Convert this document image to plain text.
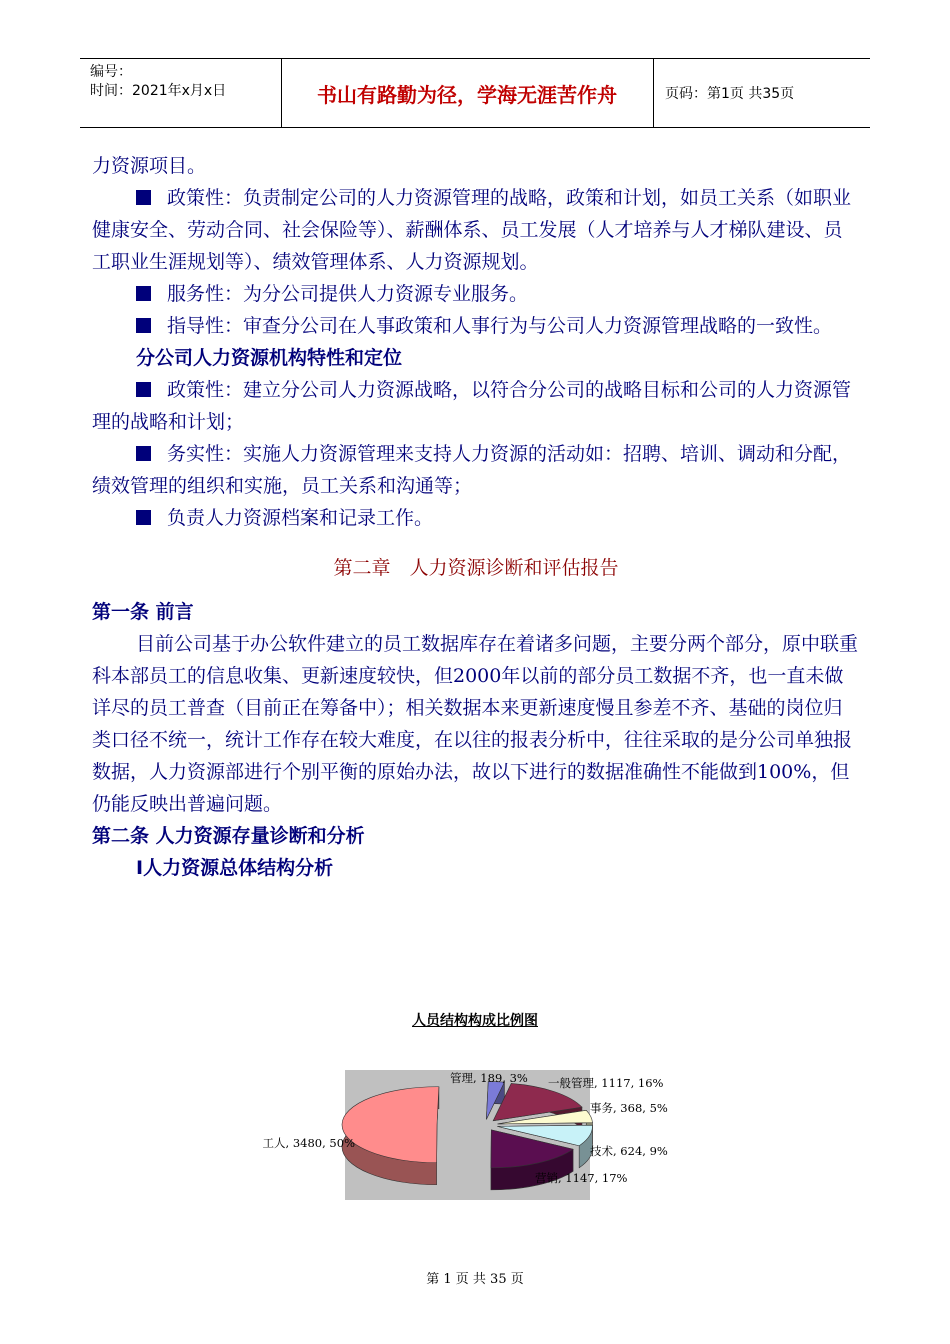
编号：
时间：2021年x月x日	书山有路勤为径，学海无涯苦作舟	页码：第1页 共35页

力资源项目。

政策性：负责制定公司的人力资源管理的战略，政策和计划，如员工关系（如职业健康安全、劳动合同、社会保险等）、薪酬体系、员工发展（人才培养与人才梯队建设、员工职业生涯规划等）、绩效管理体系、人力资源规划。

服务性：为分公司提供人力资源专业服务。

指导性：审查分公司在人事政策和人事行为与公司人力资源管理战略的一致性。

分公司人力资源机构特性和定位

政策性：建立分公司人力资源战略，以符合分公司的战略目标和公司的人力资源管理的战略和计划；

务实性：实施人力资源管理来支持人力资源的活动如：招聘、培训、调动和分配，绩效管理的组织和实施，员工关系和沟通等；

负责人力资源档案和记录工作。

第二章　人力资源诊断和评估报告

第一条 前言

目前公司基于办公软件建立的员工数据库存在着诸多问题，主要分两个部分，原中联重科本部员工的信息收集、更新速度较快，但2000年以前的部分员工数据不齐，也一直未做详尽的员工普查（目前正在筹备中）；相关数据本来更新速度慢且参差不齐、基础的岗位归类口径不统一，统计工作存在较大难度，在以往的报表分析中，往往采取的是分公司单独报数据，人力资源部进行个别平衡的原始办法，故以下进行的数据准确性不能做到100%，但仍能反映出普遍问题。

第二条 人力资源存量诊断和分析

Ⅰ人力资源总体结构分析

人员结构构成比例图
管理, 189, 3% 一般管理, 1117, 16%
事务, 368, 5%
技术, 624, 9%
营销, 1147, 17%
工人, 3480, 50%
第 1 页 共 35 页
